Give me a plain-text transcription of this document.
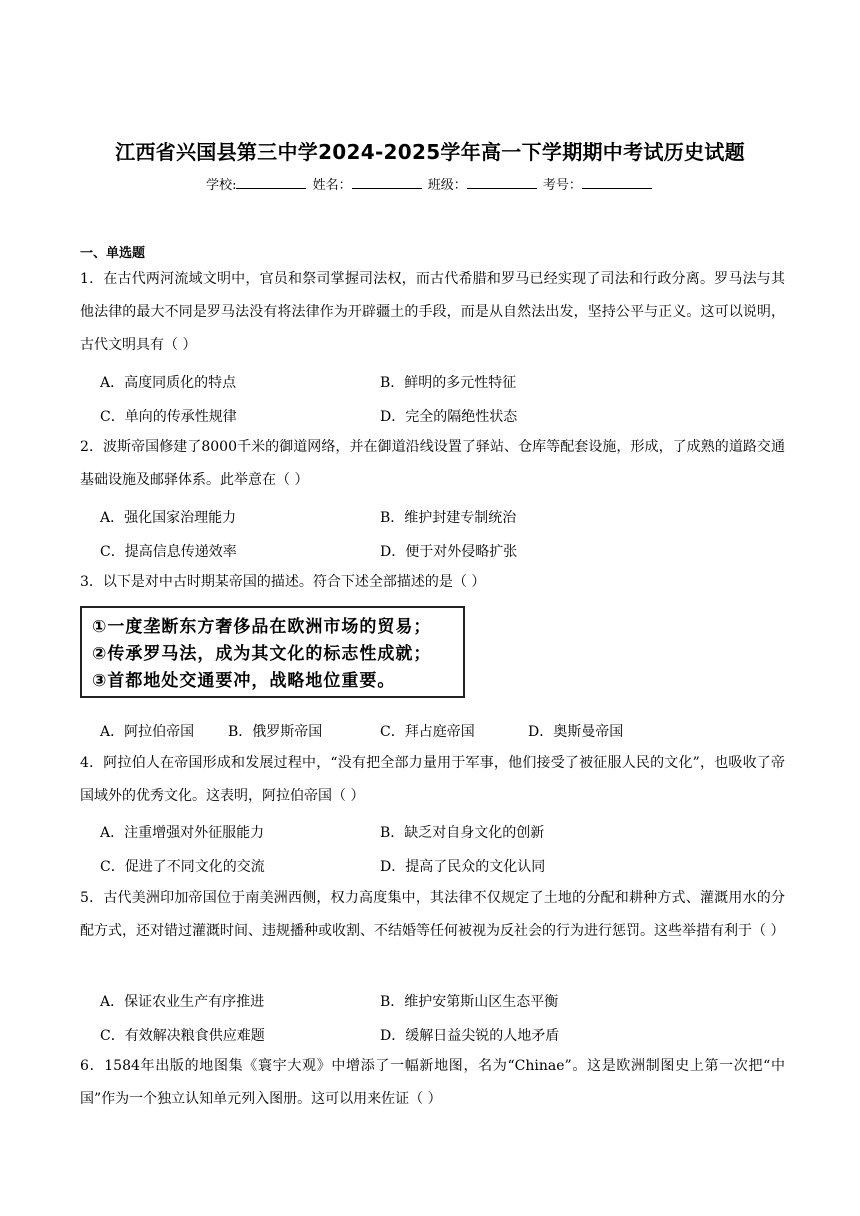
江西省兴国县第三中学2024-2025学年高一下学期期中考试历史试题
学校:	姓名：	班级：	考号：
一、单选题
1．在古代两河流域文明中，官员和祭司掌握司法权，而古代希腊和罗马已经实现了司法和行政分离。罗马法与其他法律的最大不同是罗马法没有将法律作为开辟疆土的手段，而是从自然法出发，坚持公平与正义。这可以说明，古代文明具有（ ）
A．高度同质化的特点	B．鲜明的多元性特征
C．单向的传承性规律	D．完全的隔绝性状态
2．波斯帝国修建了8000千米的御道网络，并在御道沿线设置了驿站、仓库等配套设施，形成，了成熟的道路交通基础设施及邮驿体系。此举意在（ ）
A．强化国家治理能力	B．维护封建专制统治
C．提高信息传递效率	D．便于对外侵略扩张
3．以下是对中古时期某帝国的描述。符合下述全部描述的是（ ）
①一度垄断东方奢侈品在欧洲市场的贸易；
②传承罗马法，成为其文化的标志性成就；
③首都地处交通要冲，战略地位重要。
A．阿拉伯帝国 B．俄罗斯帝国	C．拜占庭帝国	D．奥斯曼帝国
4．阿拉伯人在帝国形成和发展过程中，“没有把全部力量用于军事，他们接受了被征服人民的文化”，也吸收了帝国域外的优秀文化。这表明，阿拉伯帝国（ ）
A．注重增强对外征服能力	B．缺乏对自身文化的创新
C．促进了不同文化的交流	D．提高了民众的文化认同
5．古代美洲印加帝国位于南美洲西侧，权力高度集中，其法律不仅规定了土地的分配和耕种方式、灌溉用水的分配方式，还对错过灌溉时间、违规播种或收割、不结婚等任何被视为反社会的行为进行惩罚。这些举措有利于（ ）
A．保证农业生产有序推进	B．维护安第斯山区生态平衡
C．有效解决粮食供应难题	D．缓解日益尖锐的人地矛盾
6．1584年出版的地图集《寰宇大观》中增添了一幅新地图，名为“Chinae”。这是欧洲制图史上第一次把“中国”作为一个独立认知单元列入图册。这可以用来佐证（ ）
